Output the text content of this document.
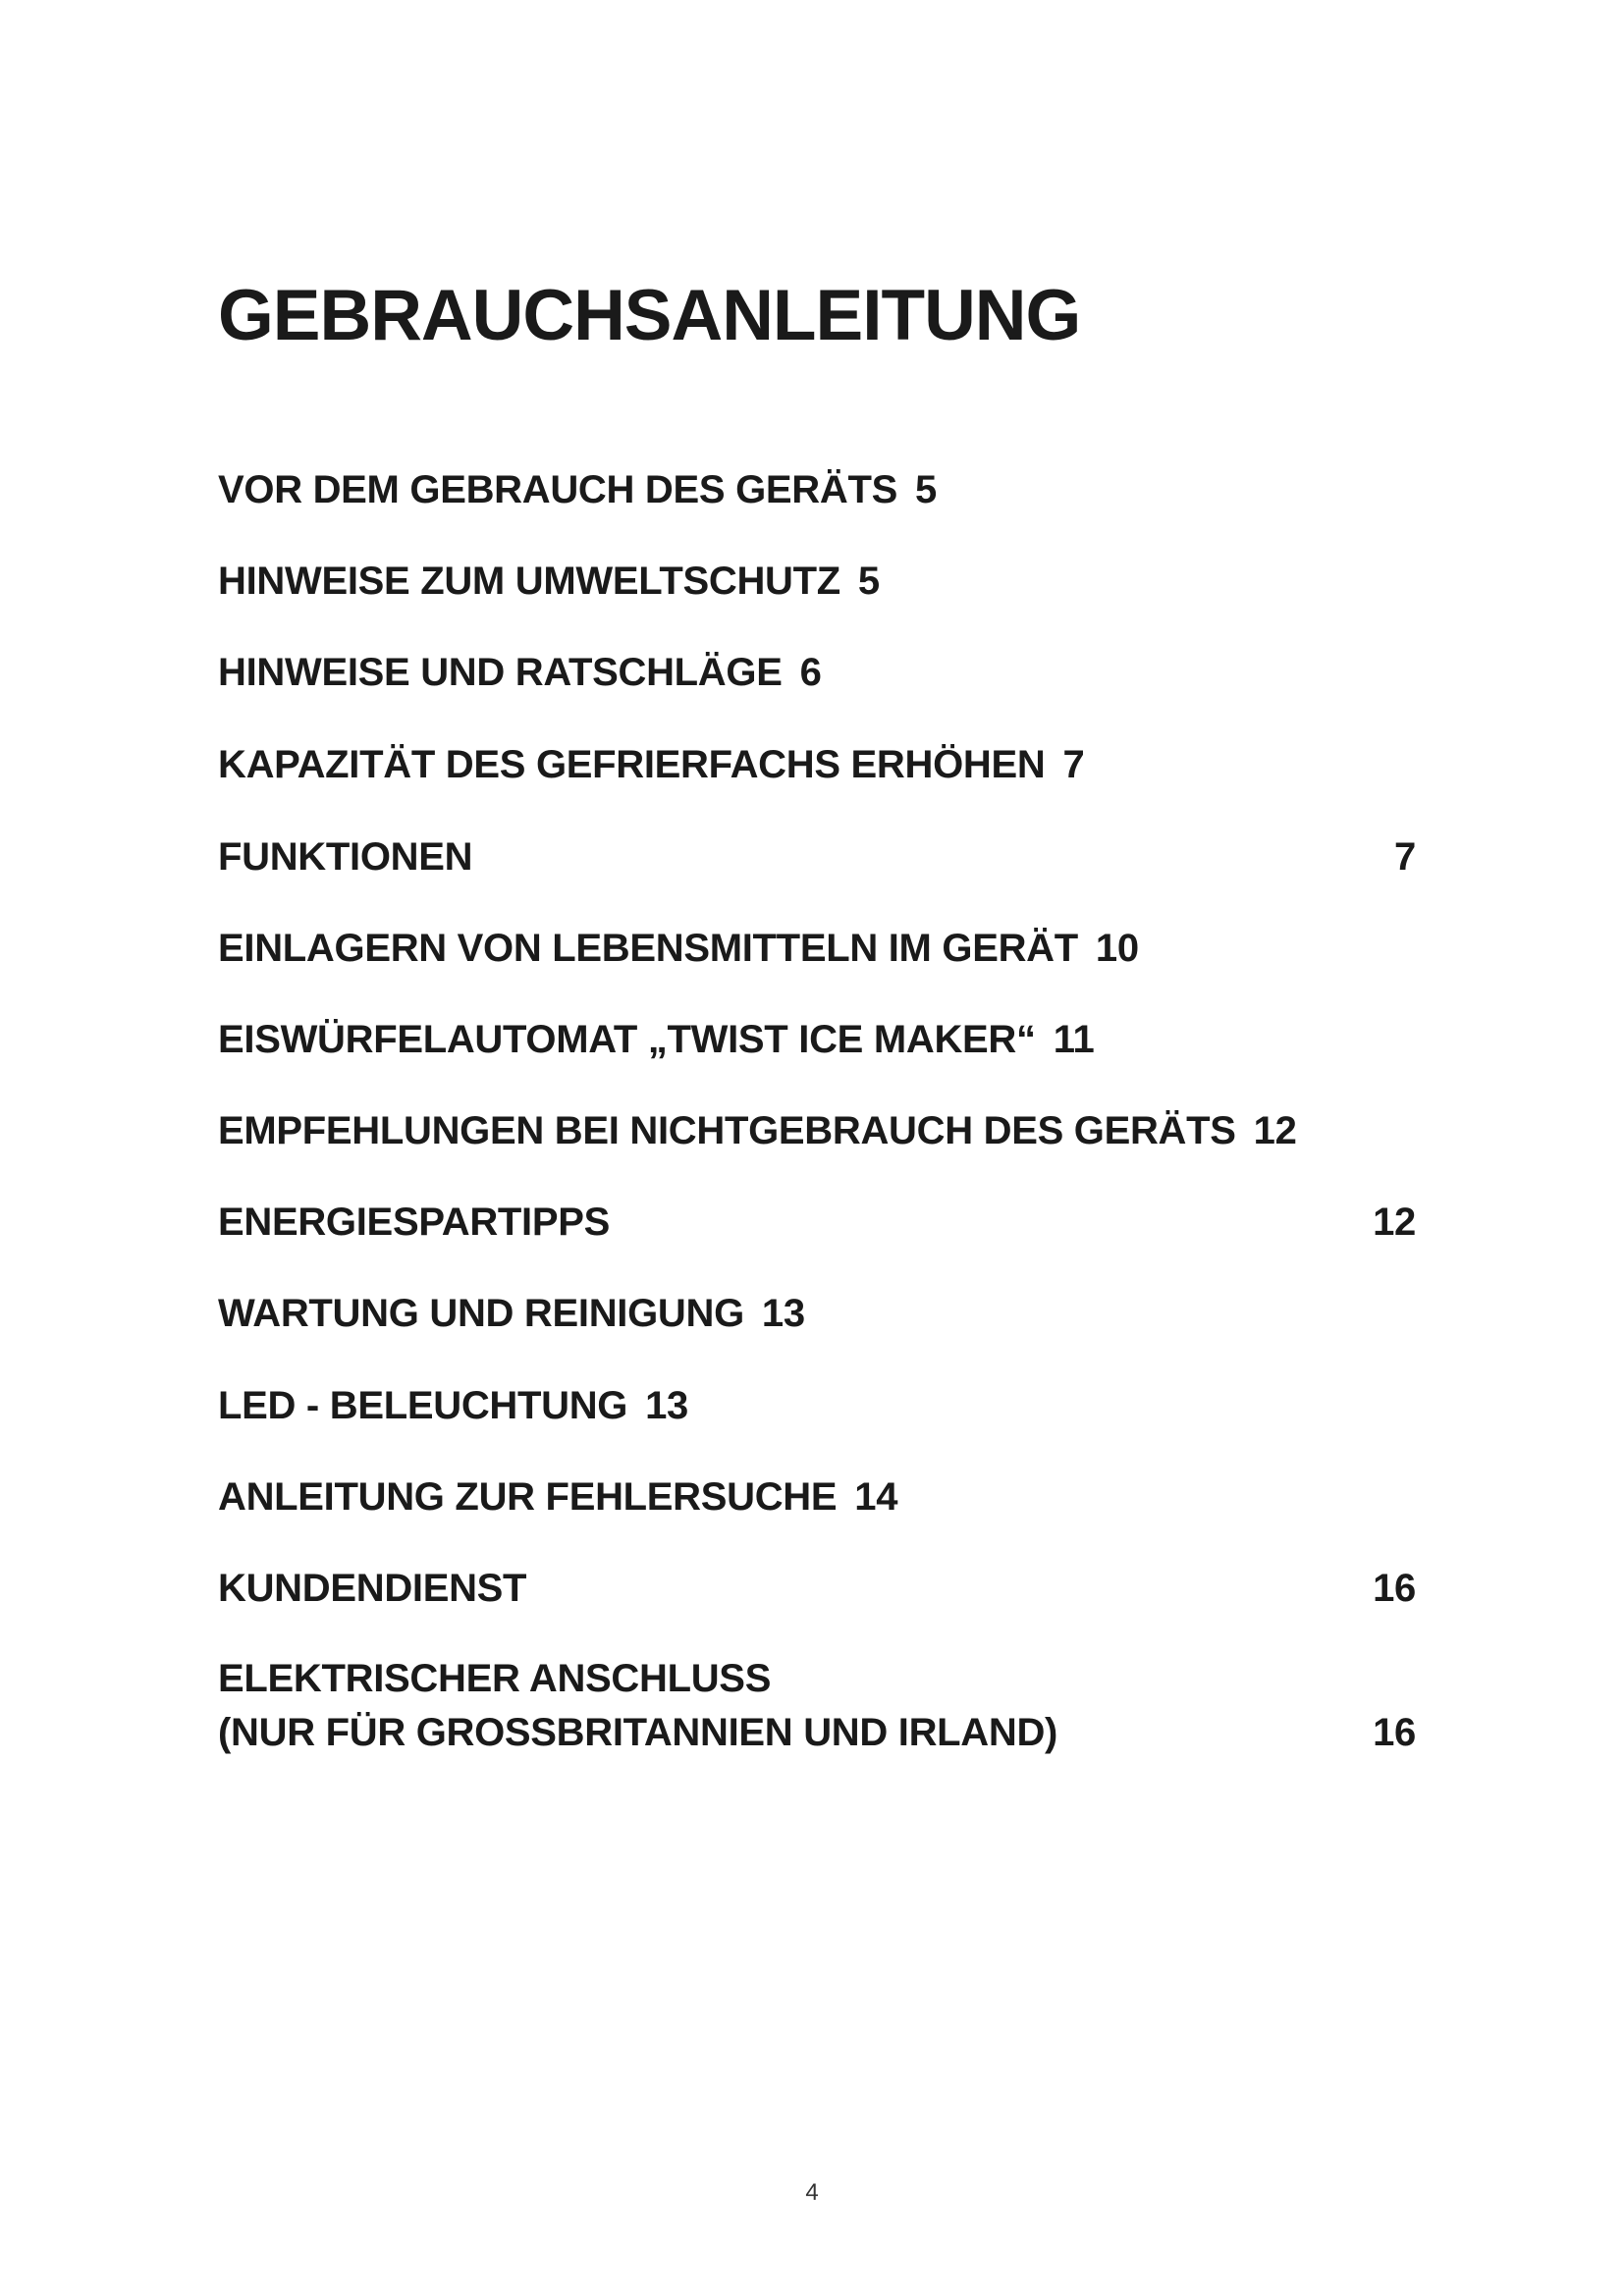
GEBRAUCHSANLEITUNG
VOR DEM GEBRAUCH DES GERÄTS 5
HINWEISE ZUM UMWELTSCHUTZ 5
HINWEISE UND RATSCHLÄGE 6
KAPAZITÄT DES GEFRIERFACHS ERHÖHEN 7
FUNKTIONEN	7
EINLAGERN VON LEBENSMITTELN IM GERÄT 10
EISWÜRFELAUTOMAT „TWIST ICE MAKER“ 11
EMPFEHLUNGEN BEI NICHTGEBRAUCH DES GERÄTS 12
ENERGIESPARTIPPS	12
WARTUNG UND REINIGUNG 13
LED - BELEUCHTUNG 13
ANLEITUNG ZUR FEHLERSUCHE 14
KUNDENDIENST	16
ELEKTRISCHER ANSCHLUSS
(NUR FÜR GROSSBRITANNIEN UND IRLAND)	16
4
